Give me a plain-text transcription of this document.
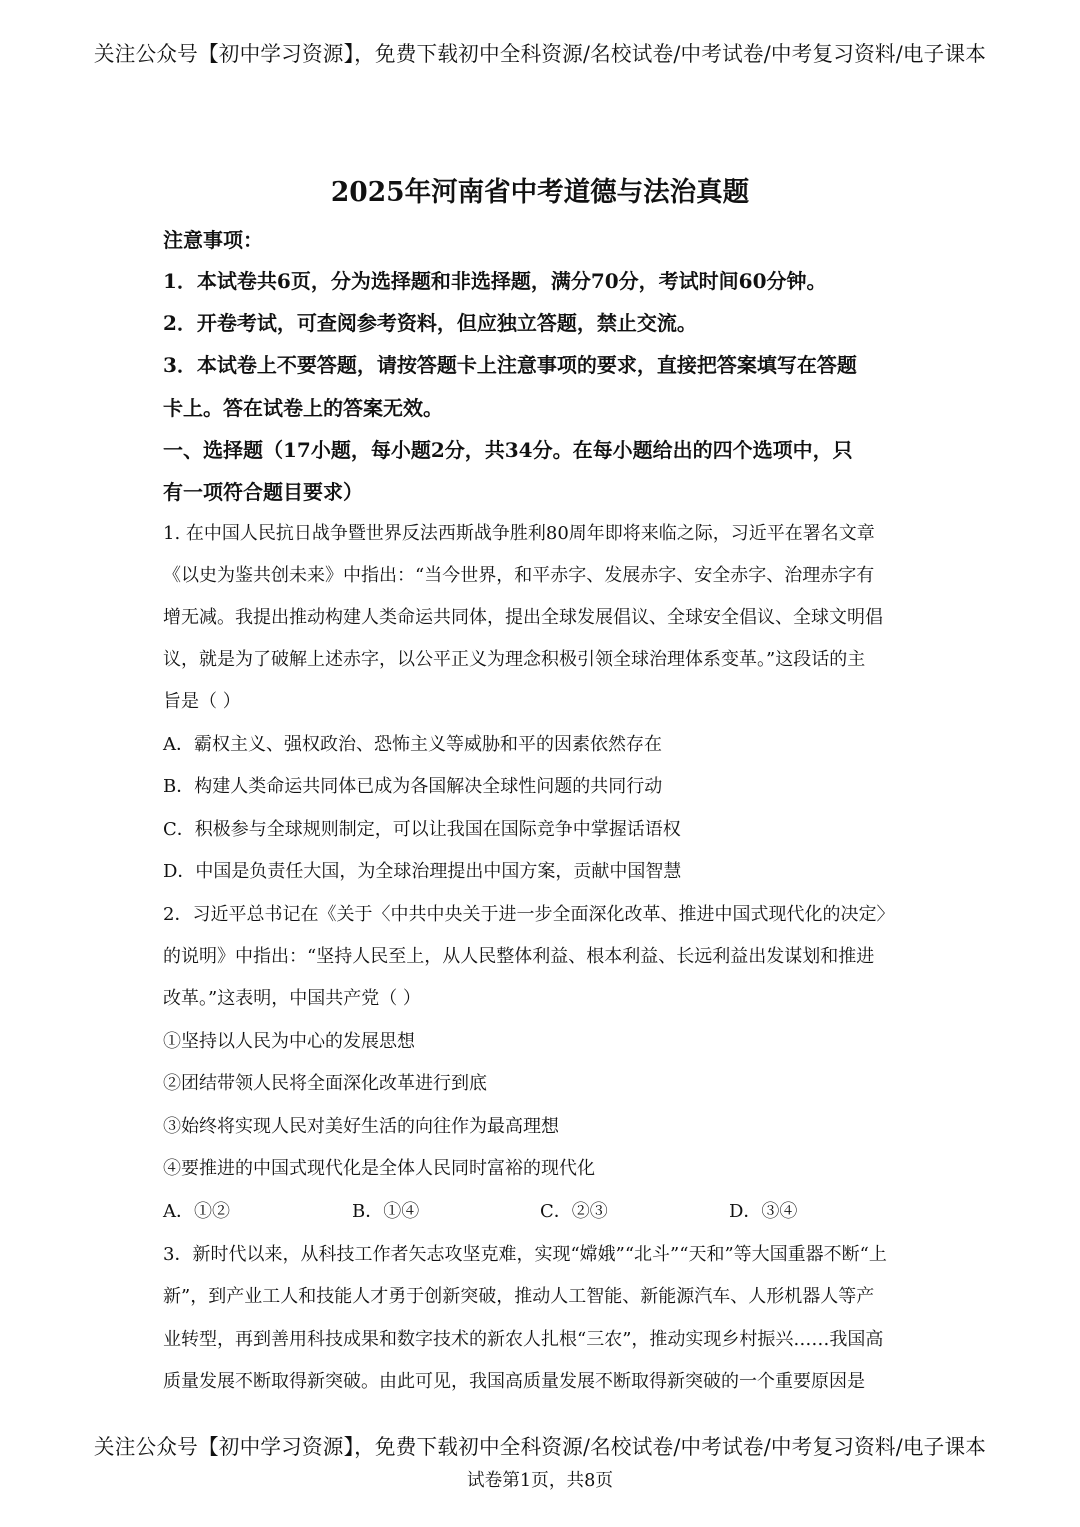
关注公众号【初中学习资源】，免费下载初中全科资源/名校试卷/中考试卷/中考复习资料/电子课本
2025年河南省中考道德与法治真题
注意事项：
1．本试卷共6页，分为选择题和非选择题，满分70分，考试时间60分钟。
2．开卷考试，可查阅参考资料，但应独立答题，禁止交流。
3．本试卷上不要答题，请按答题卡上注意事项的要求，直接把答案填写在答题
卡上。答在试卷上的答案无效。
一、选择题（17小题，每小题2分，共34分。在每小题给出的四个选项中，只
有一项符合题目要求）
1. 在中国人民抗日战争暨世界反法西斯战争胜利80周年即将来临之际，习近平在署名文章
《以史为鉴共创未来》中指出：“当今世界，和平赤字、发展赤字、安全赤字、治理赤字有
增无减。我提出推动构建人类命运共同体，提出全球发展倡议、全球安全倡议、全球文明倡
议，就是为了破解上述赤字，以公平正义为理念积极引领全球治理体系变革。”这段话的主
旨是（ ）
A．霸权主义、强权政治、恐怖主义等威胁和平的因素依然存在
B．构建人类命运共同体已成为各国解决全球性问题的共同行动
C．积极参与全球规则制定，可以让我国在国际竞争中掌握话语权
D．中国是负责任大国，为全球治理提出中国方案，贡献中国智慧
2．习近平总书记在《关于〈中共中央关于进一步全面深化改革、推进中国式现代化的决定〉
的说明》中指出：“坚持人民至上，从人民整体利益、根本利益、长远利益出发谋划和推进
改革。”这表明，中国共产党（ ）
①坚持以人民为中心的发展思想
②团结带领人民将全面深化改革进行到底
③始终将实现人民对美好生活的向往作为最高理想
④要推进的中国式现代化是全体人民同时富裕的现代化
A．①②	B．①④	C．②③	D．③④
3．新时代以来，从科技工作者矢志攻坚克难，实现“嫦娥”“北斗”“天和”等大国重器不断“上
新”，到产业工人和技能人才勇于创新突破，推动人工智能、新能源汽车、人形机器人等产
业转型，再到善用科技成果和数字技术的新农人扎根“三农”，推动实现乡村振兴……我国高
质量发展不断取得新突破。由此可见，我国高质量发展不断取得新突破的一个重要原因是
关注公众号【初中学习资源】，免费下载初中全科资源/名校试卷/中考试卷/中考复习资料/电子课本
试卷第1页，共8页
